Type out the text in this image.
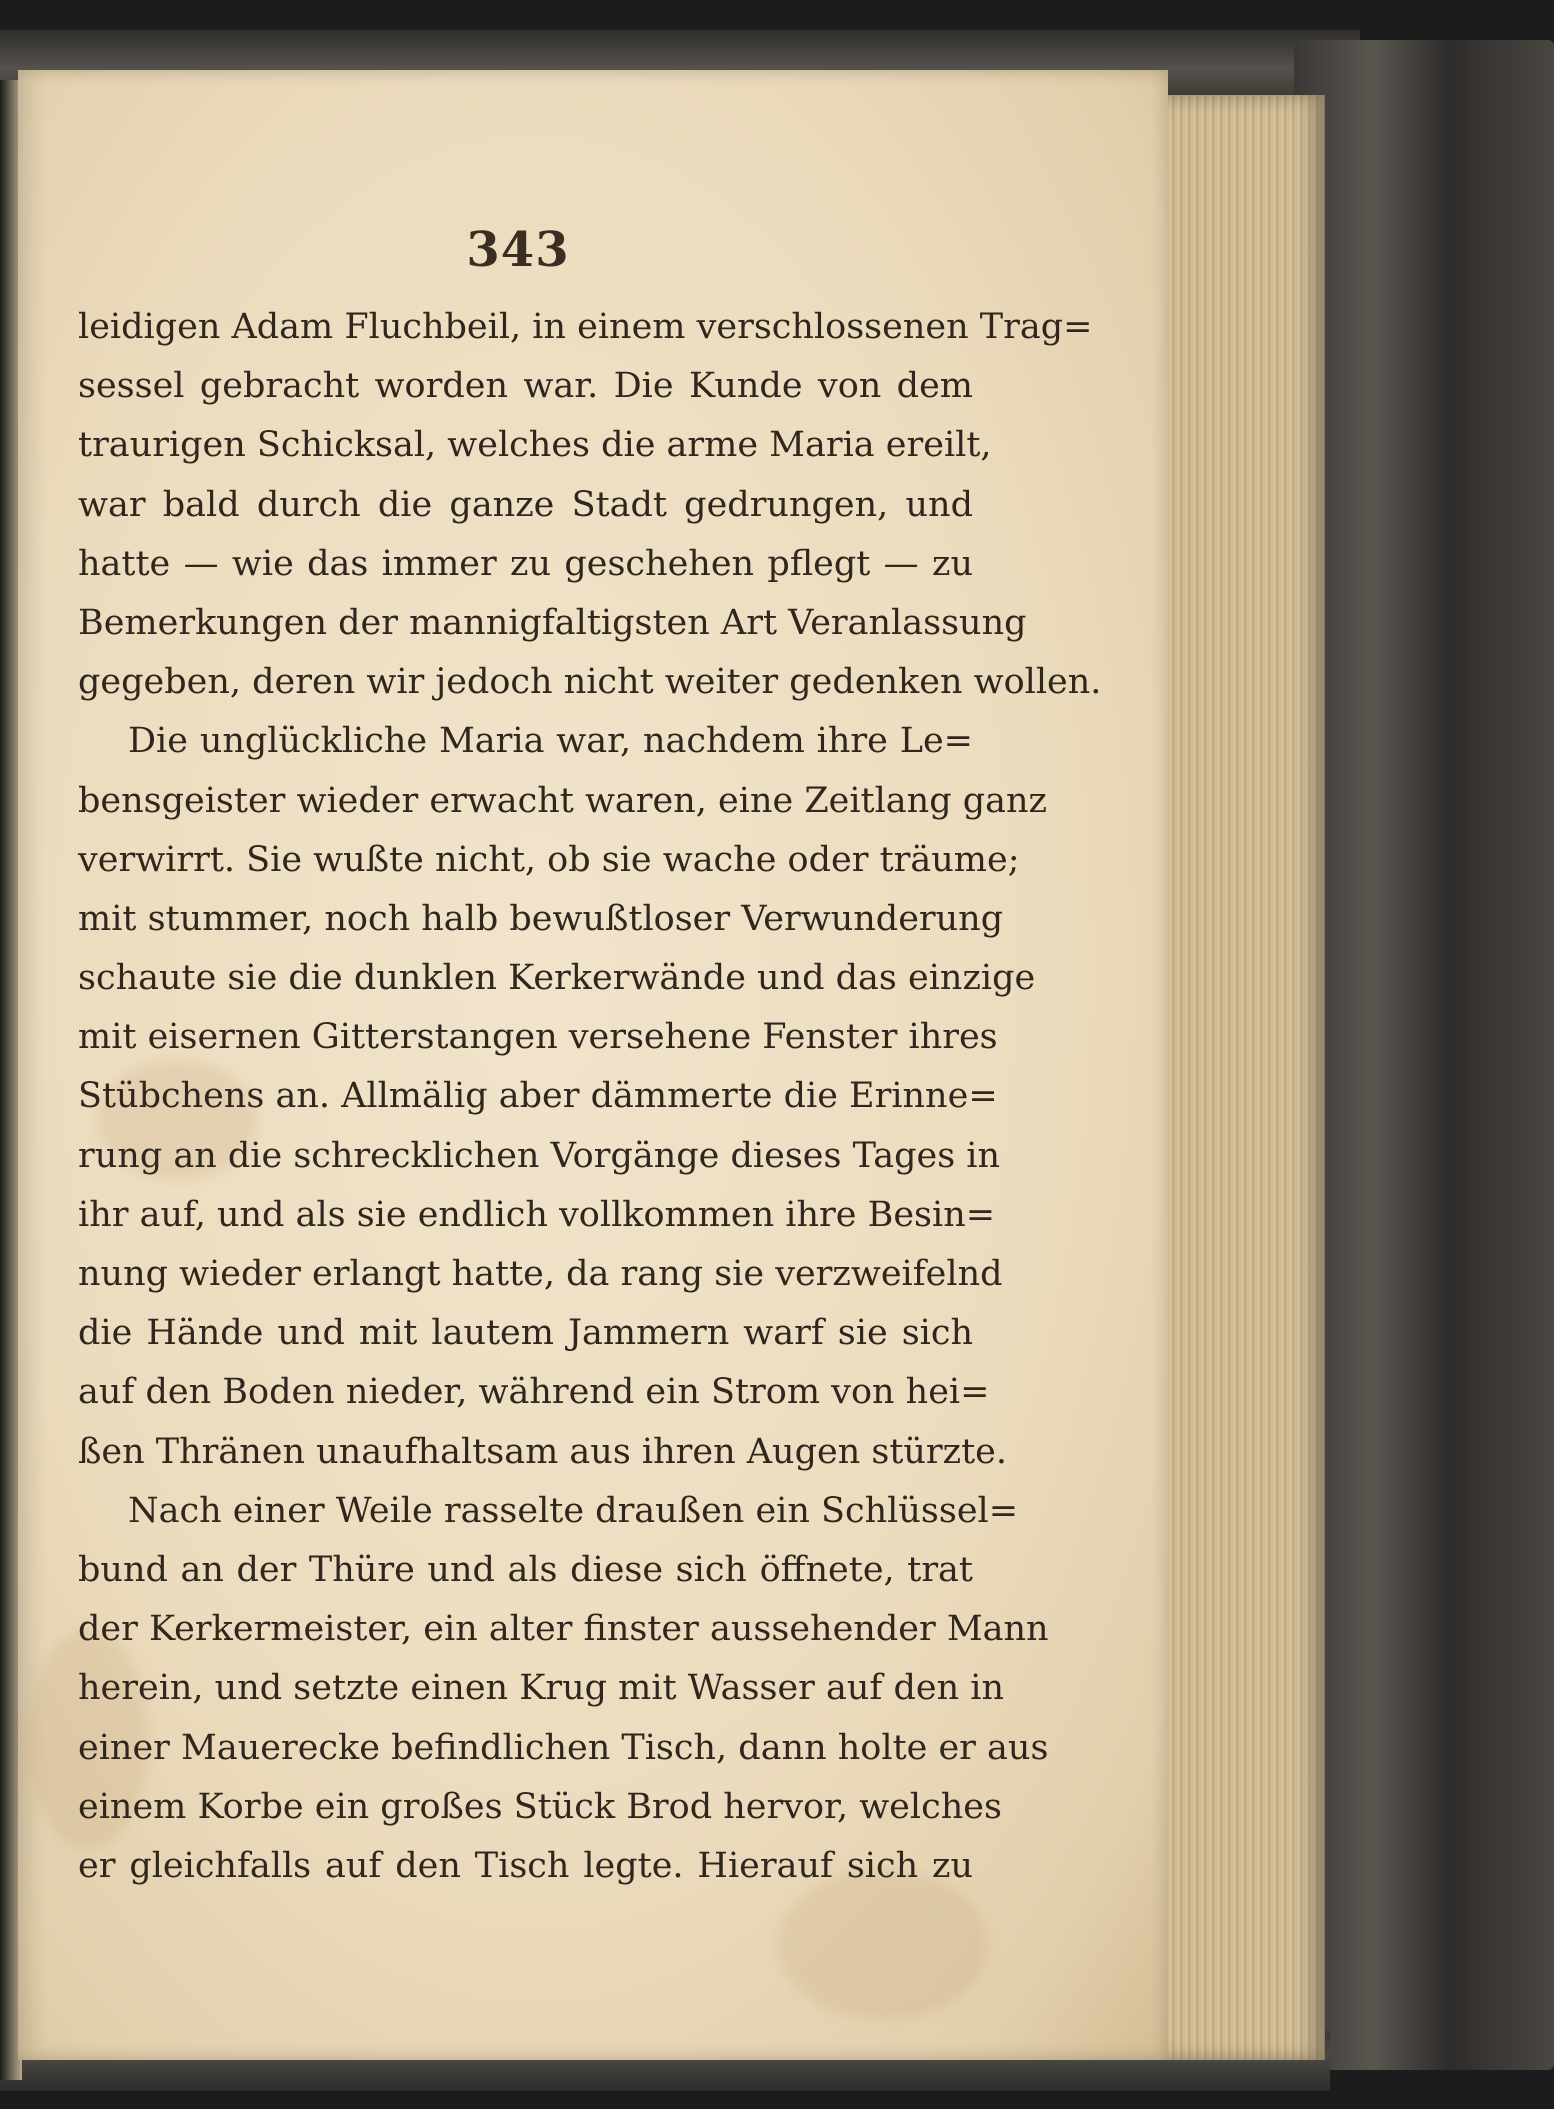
343
leidigen Adam Fluchbeil, in einem verschlossenen Trag=
sessel gebracht worden war. Die Kunde von dem
traurigen Schicksal, welches die arme Maria ereilt,
war bald durch die ganze Stadt gedrungen, und
hatte — wie das immer zu geschehen pflegt — zu
Bemerkungen der mannigfaltigsten Art Veranlassung
gegeben, deren wir jedoch nicht weiter gedenken wollen.
Die unglückliche Maria war, nachdem ihre Le=
bensgeister wieder erwacht waren, eine Zeitlang ganz
verwirrt. Sie wußte nicht, ob sie wache oder träume;
mit stummer, noch halb bewußtloser Verwunderung
schaute sie die dunklen Kerkerwände und das einzige
mit eisernen Gitterstangen versehene Fenster ihres
Stübchens an. Allmälig aber dämmerte die Erinne=
rung an die schrecklichen Vorgänge dieses Tages in
ihr auf, und als sie endlich vollkommen ihre Besin=
nung wieder erlangt hatte, da rang sie verzweifelnd
die Hände und mit lautem Jammern warf sie sich
auf den Boden nieder, während ein Strom von hei=
ßen Thränen unaufhaltsam aus ihren Augen stürzte.
Nach einer Weile rasselte draußen ein Schlüssel=
bund an der Thüre und als diese sich öffnete, trat
der Kerkermeister, ein alter finster aussehender Mann
herein, und setzte einen Krug mit Wasser auf den in
einer Mauerecke befindlichen Tisch, dann holte er aus
einem Korbe ein großes Stück Brod hervor, welches
er gleichfalls auf den Tisch legte. Hierauf sich zu
